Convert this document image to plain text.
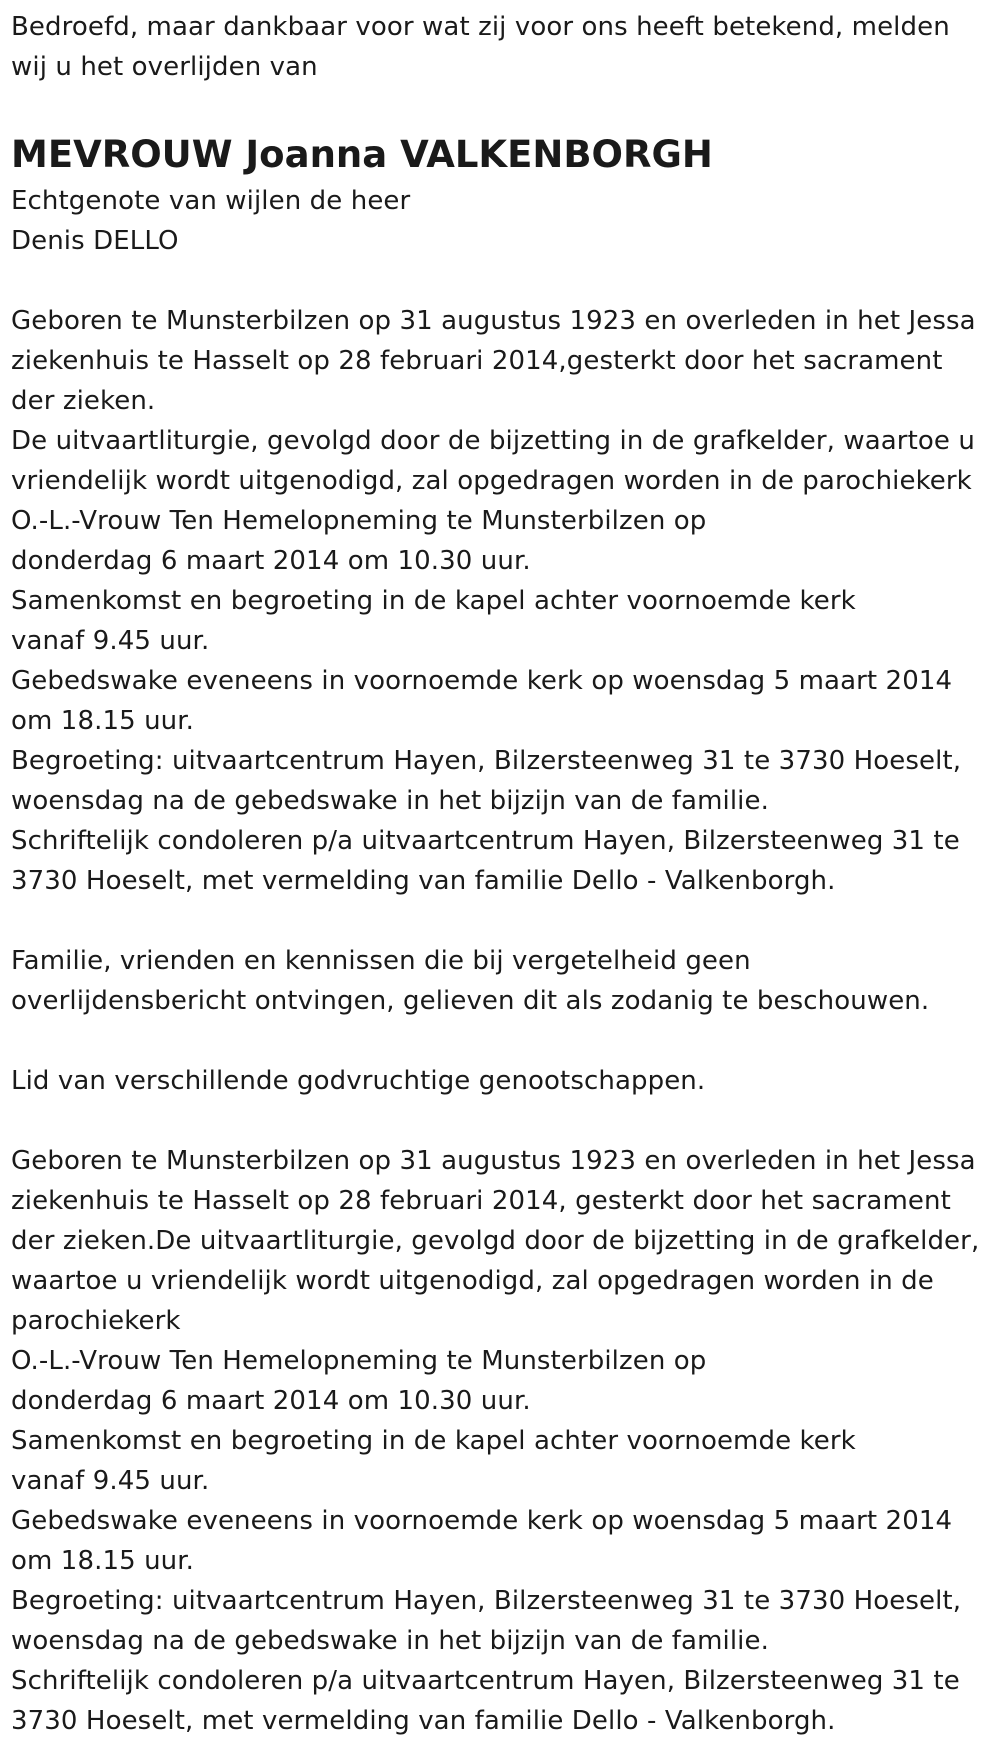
Bedroefd, maar dankbaar voor wat zij voor ons heeft betekend, melden
wij u het overlijden van
MEVROUW Joanna VALKENBORGH
Echtgenote van wijlen de heer
Denis DELLO
Geboren te Munsterbilzen op 31 augustus 1923 en overleden in het Jessa
ziekenhuis te Hasselt op 28 februari 2014,gesterkt door het sacrament
der zieken.
De uitvaartliturgie, gevolgd door de bijzetting in de grafkelder, waartoe u
vriendelijk wordt uitgenodigd, zal opgedragen worden in de parochiekerk
O.-L.-Vrouw Ten Hemelopneming te Munsterbilzen op
donderdag 6 maart 2014 om 10.30 uur.
Samenkomst en begroeting in de kapel achter voornoemde kerk
vanaf 9.45 uur.
Gebedswake eveneens in voornoemde kerk op woensdag 5 maart 2014
om 18.15 uur.
Begroeting: uitvaartcentrum Hayen, Bilzersteenweg 31 te 3730 Hoeselt,
woensdag na de gebedswake in het bijzijn van de familie.
Schriftelijk condoleren p/a uitvaartcentrum Hayen, Bilzersteenweg 31 te
3730 Hoeselt, met vermelding van familie Dello - Valkenborgh.
Familie, vrienden en kennissen die bij vergetelheid geen
overlijdensbericht ontvingen, gelieven dit als zodanig te beschouwen.
Lid van verschillende godvruchtige genootschappen.
Geboren te Munsterbilzen op 31 augustus 1923 en overleden in het Jessa
ziekenhuis te Hasselt op 28 februari 2014, gesterkt door het sacrament
der zieken.De uitvaartliturgie, gevolgd door de bijzetting in de grafkelder,
waartoe u vriendelijk wordt uitgenodigd, zal opgedragen worden in de
parochiekerk
O.-L.-Vrouw Ten Hemelopneming te Munsterbilzen op
donderdag 6 maart 2014 om 10.30 uur.
Samenkomst en begroeting in de kapel achter voornoemde kerk
vanaf 9.45 uur.
Gebedswake eveneens in voornoemde kerk op woensdag 5 maart 2014
om 18.15 uur.
Begroeting: uitvaartcentrum Hayen, Bilzersteenweg 31 te 3730 Hoeselt,
woensdag na de gebedswake in het bijzijn van de familie.
Schriftelijk condoleren p/a uitvaartcentrum Hayen, Bilzersteenweg 31 te
3730 Hoeselt, met vermelding van familie Dello - Valkenborgh.
